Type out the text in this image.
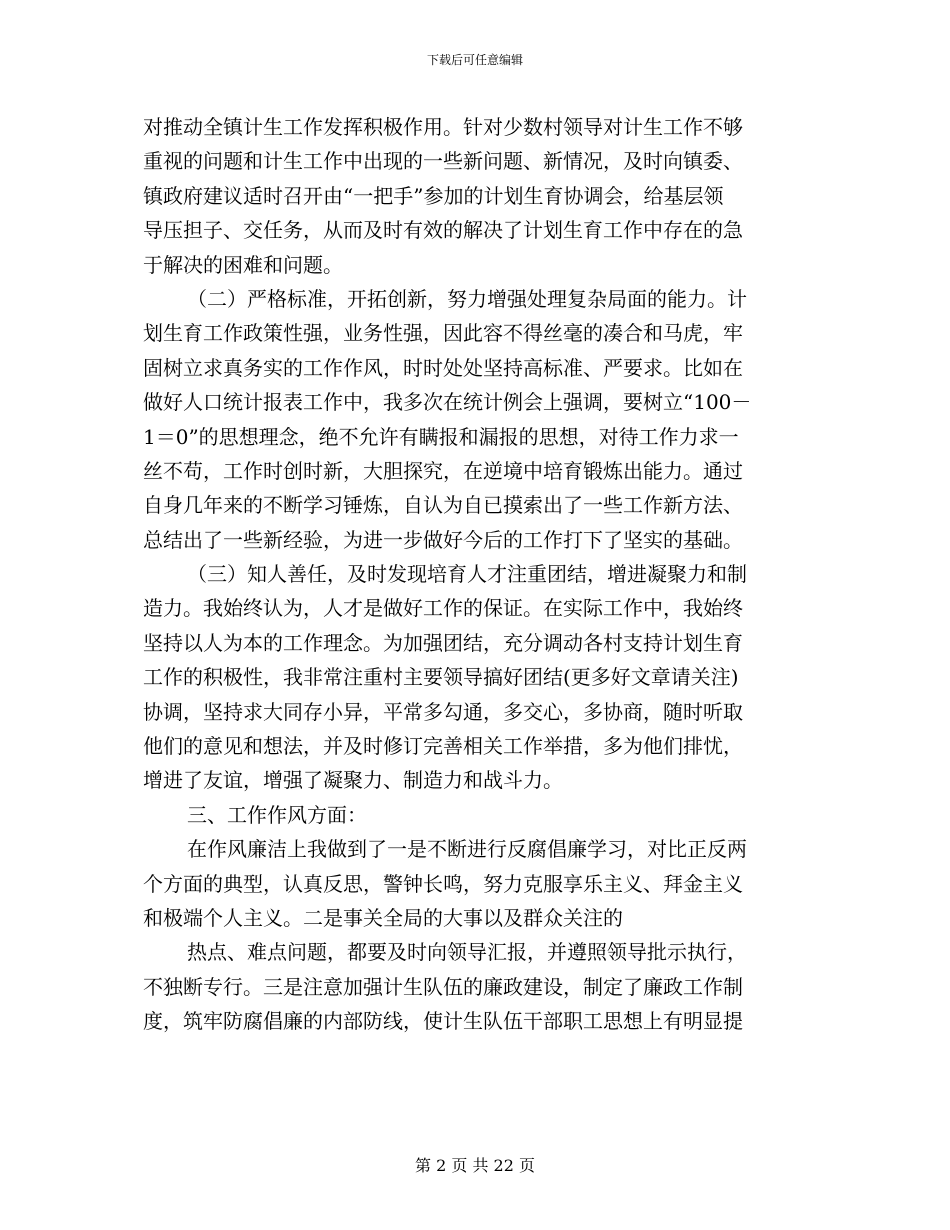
下载后可任意编辑
对推动全镇计生工作发挥积极作用。针对少数村领导对计生工作不够
重视的问题和计生工作中出现的一些新问题、新情况，及时向镇委、
镇政府建议适时召开由“一把手”参加的计划生育协调会，给基层领
导压担子、交任务，从而及时有效的解决了计划生育工作中存在的急
于解决的困难和问题。
（二）严格标准，开拓创新，努力增强处理复杂局面的能力。计
划生育工作政策性强，业务性强，因此容不得丝毫的凑合和马虎，牢
固树立求真务实的工作作风，时时处处坚持高标准、严要求。比如在
做好人口统计报表工作中，我多次在统计例会上强调，要树立“100－
1＝0”的思想理念，绝不允许有瞒报和漏报的思想，对待工作力求一
丝不苟，工作时创时新，大胆探究，在逆境中培育锻炼出能力。通过
自身几年来的不断学习锤炼，自认为自已摸索出了一些工作新方法、
总结出了一些新经验，为进一步做好今后的工作打下了坚实的基础。
（三）知人善任，及时发现培育人才注重团结，增进凝聚力和制
造力。我始终认为，人才是做好工作的保证。在实际工作中，我始终
坚持以人为本的工作理念。为加强团结，充分调动各村支持计划生育
工作的积极性，我非常注重村主要领导搞好团结(更多好文章请关注)
协调，坚持求大同存小异，平常多勾通，多交心，多协商，随时听取
他们的意见和想法，并及时修订完善相关工作举措，多为他们排忧，
增进了友谊，增强了凝聚力、制造力和战斗力。
三、工作作风方面：
在作风廉洁上我做到了一是不断进行反腐倡廉学习，对比正反两
个方面的典型，认真反思，警钟长鸣，努力克服享乐主义、拜金主义
和极端个人主义。二是事关全局的大事以及群众关注的
热点、难点问题，都要及时向领导汇报，并遵照领导批示执行，
不独断专行。三是注意加强计生队伍的廉政建设，制定了廉政工作制
度，筑牢防腐倡廉的内部防线，使计生队伍干部职工思想上有明显提
第 2 页 共 22 页
